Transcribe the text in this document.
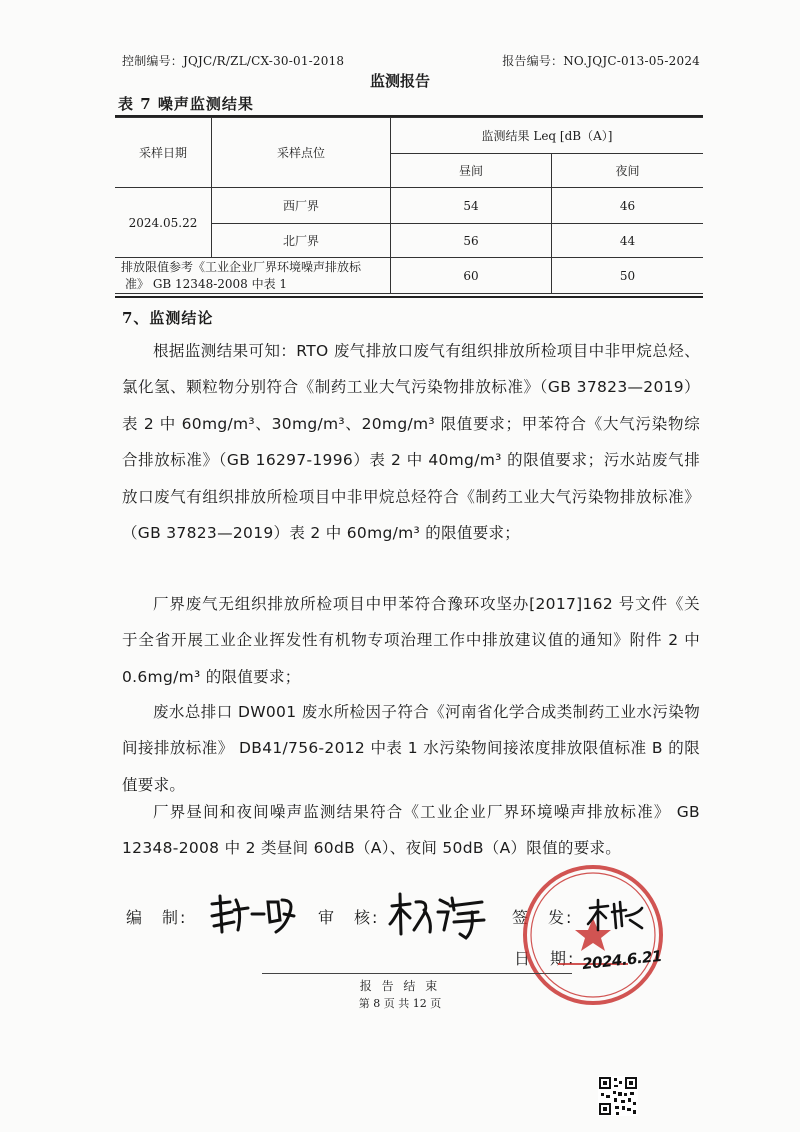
控制编号：JQJC/R/ZL/CX-30-01-2018	报告编号：NO.JQJC-013-05-2024
监测报告
表 7 噪声监测结果
采样日期	采样点位	监测结果 Leq [dB（A）]	
		昼间	夜间
2024.05.22	西厂界	54	46
	北厂界	56	44
排放限值参考《工业企业厂界环境噪声排放标
准》 GB 12348-2008 中表 1		60	50
7、监测结论

根据监测结果可知：RTO 废气排放口废气有组织排放所检项目中非甲烷总烃、氯化氢、颗粒物分别符合《制药工业大气污染物排放标准》（GB 37823—2019）表 2 中 60mg/m³、30mg/m³、20mg/m³ 限值要求；甲苯符合《大气污染物综合排放标准》（GB 16297-1996）表 2 中 40mg/m³ 的限值要求；污水站废气排放口废气有组织排放所检项目中非甲烷总烃符合《制药工业大气污染物排放标准》（GB 37823—2019）表 2 中 60mg/m³ 的限值要求；

厂界废气无组织排放所检项目中甲苯符合豫环攻坚办[2017]162 号文件《关于全省开展工业企业挥发性有机物专项治理工作中排放建议值的通知》附件 2 中 0.6mg/m³ 的限值要求；

废水总排口 DW001 废水所检因子符合《河南省化学合成类制药工业水污染物间接排放标准》 DB41/756-2012 中表 1 水污染物间接浓度排放限值标准 B 的限值要求。

厂界昼间和夜间噪声监测结果符合《工业企业厂界环境噪声排放标准》 GB 12348-2008 中 2 类昼间 60dB（A）、夜间 50dB（A）限值的要求。

编　制:	审　核:	签　发:
日　期: 2024.6.21
报 告 结 束
第 8 页 共 12 页
